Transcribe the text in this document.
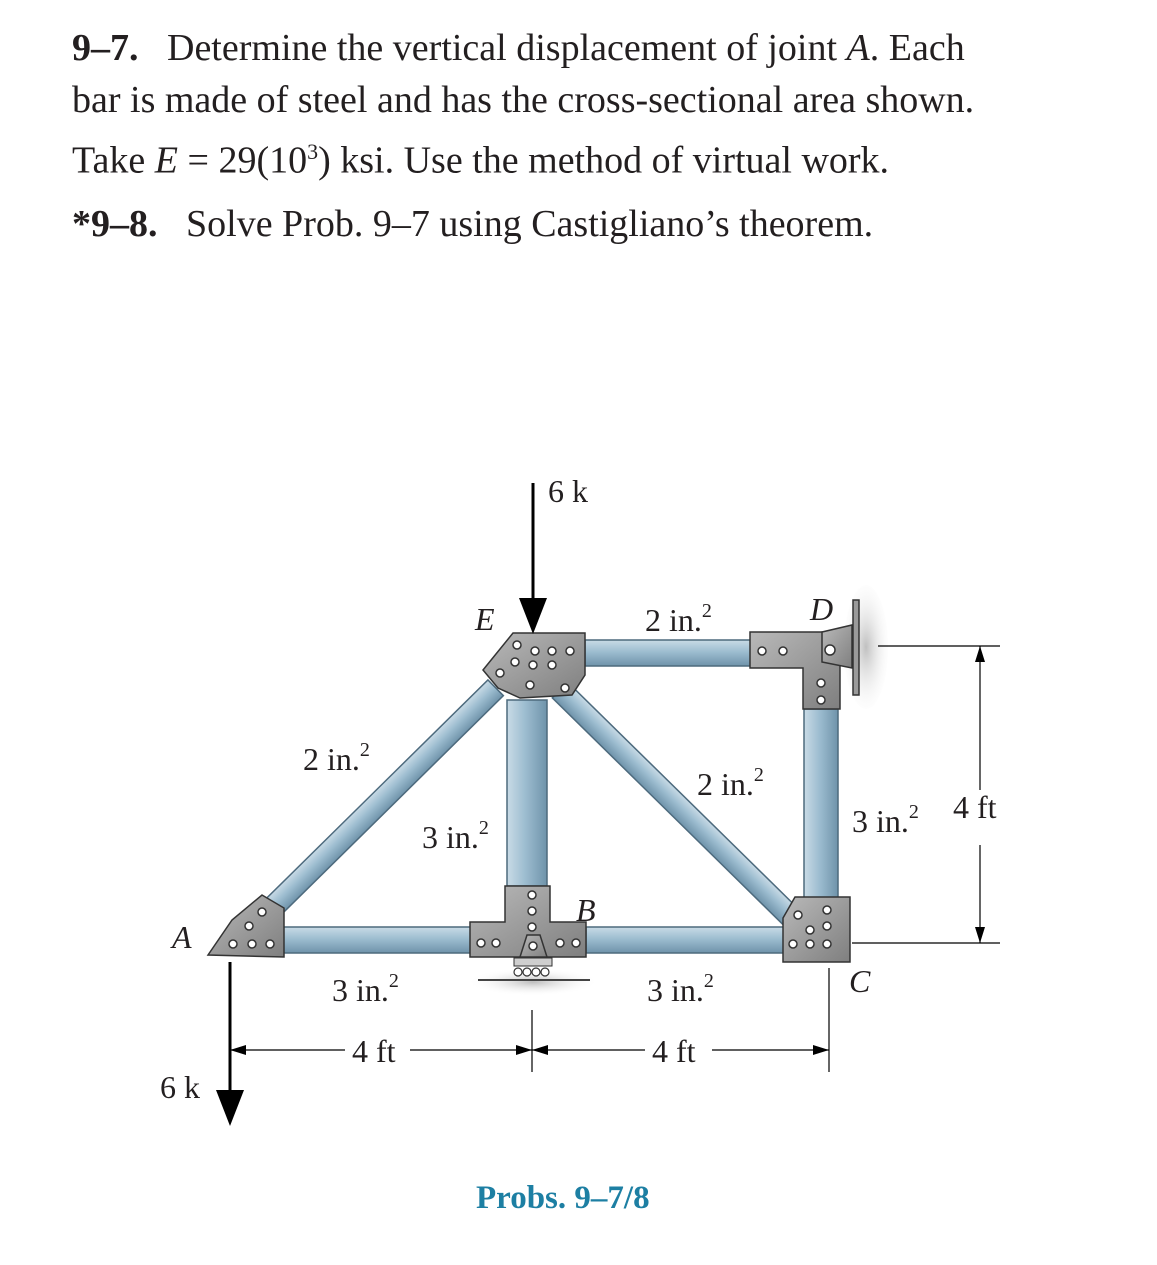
9–7. Determine the vertical displacement of joint A. Each
bar is made of steel and has the cross-sectional area shown.
Take $E = 29(10^3)$ ksi. Use the method of virtual work.
*9–8. Solve Prob. 9–7 using Castigliano’s theorem.
A
B
C
D
E
6 k
6 k
2 in.$^2$
2 in.$^2$
2 in.$^2$
3 in.$^2$	3 in.$^2$
3 in.$^2$	3 in.$^2$
4 ft	4 ft
4 ft
Probs. 9–7/8
